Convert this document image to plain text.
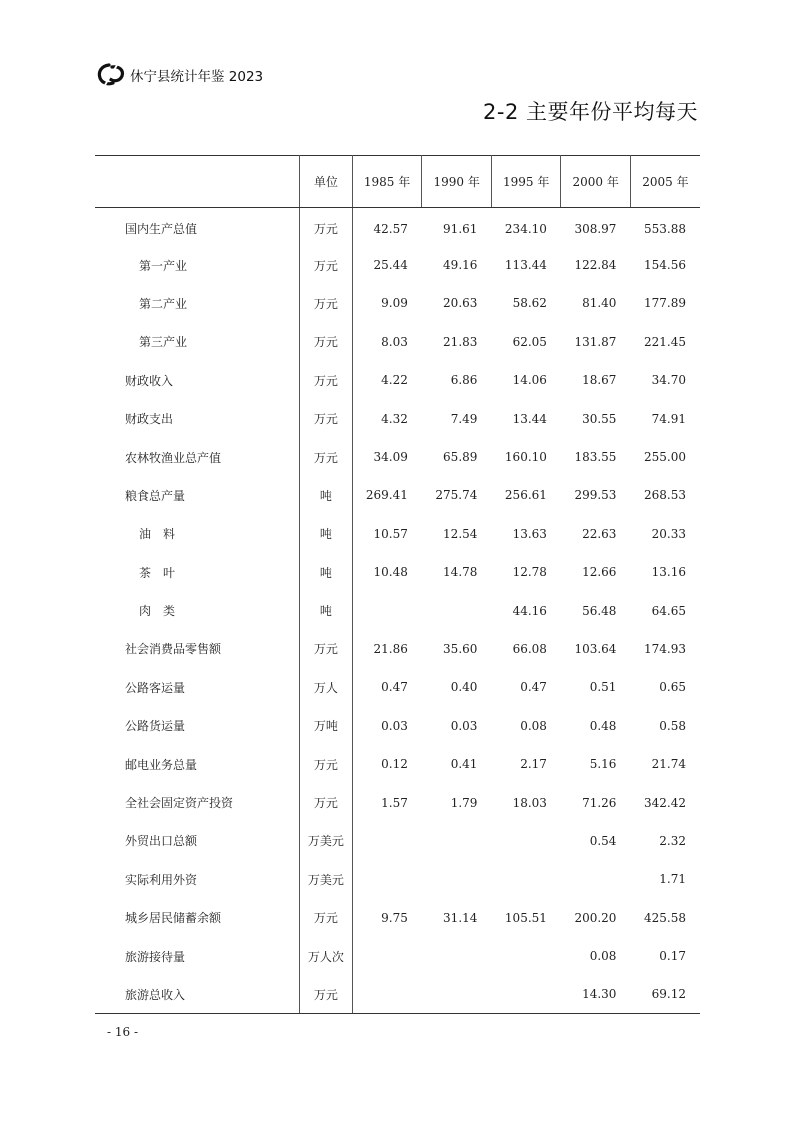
休宁县统计年鉴 2023
2-2 主要年份平均每天
	单位	1985 年	1990 年	1995 年	2000 年	2005 年
国内生产总值	万元	42.57	91.61	234.10	308.97	553.88
第一产业	万元	25.44	49.16	113.44	122.84	154.56
第二产业	万元	9.09	20.63	58.62	81.40	177.89
第三产业	万元	8.03	21.83	62.05	131.87	221.45
财政收入	万元	4.22	6.86	14.06	18.67	34.70
财政支出	万元	4.32	7.49	13.44	30.55	74.91
农林牧渔业总产值	万元	34.09	65.89	160.10	183.55	255.00
粮食总产量	吨	269.41	275.74	256.61	299.53	268.53
油　料	吨	10.57	12.54	13.63	22.63	20.33
茶　叶	吨	10.48	14.78	12.78	12.66	13.16
肉　类	吨			44.16	56.48	64.65
社会消费品零售额	万元	21.86	35.60	66.08	103.64	174.93
公路客运量	万人	0.47	0.40	0.47	0.51	0.65
公路货运量	万吨	0.03	0.03	0.08	0.48	0.58
邮电业务总量	万元	0.12	0.41	2.17	5.16	21.74
全社会固定资产投资	万元	1.57	1.79	18.03	71.26	342.42
外贸出口总额	万美元				0.54	2.32
实际利用外资	万美元					1.71
城乡居民储蓄余额	万元	9.75	31.14	105.51	200.20	425.58
旅游接待量	万人次				0.08	0.17
旅游总收入	万元				14.30	69.12
- 16 -
